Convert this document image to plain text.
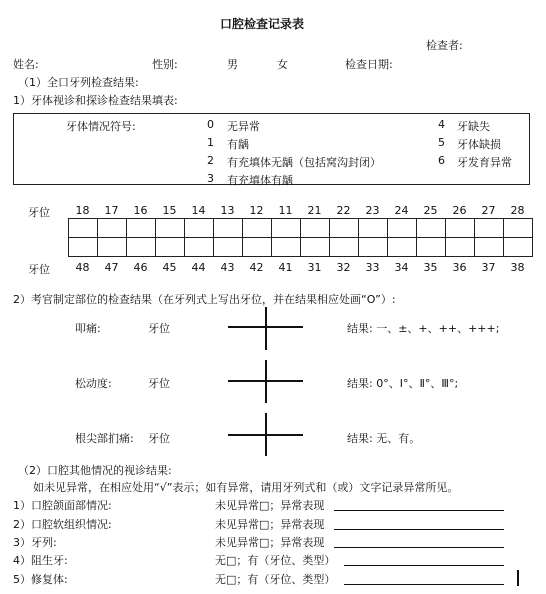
口腔检查记录表
检查者:
姓名:	性别:	男	女	检查日期:
（1）全口牙列检查结果:
1）牙体视诊和探诊检查结果填表:
牙体情况符号:	0 无异常
1 有龋
2 有充填体无龋（包括窝沟封闭）
3 有充填体有龋
4 牙缺失
5 牙体缺损
6 牙发育异常
牙位	18	17	16	15	14	13	12	11	21	22	23	24	25	26	27	28

牙位	48	47	46	45	44	43	42	41	31	32	33	34	35	36	37	38
2）考官制定部位的检查结果（在牙列式上写出牙位，并在结果相应处画“O”）:
叩痛:	牙位	结果: 一、±、+、++、+++;
松动度:	牙位	结果: 0°、Ⅰ°、Ⅱ°、Ⅲ°;
根尖部扪痛: 牙位	结果: 无、有。
（2）口腔其他情况的视诊结果:
如未见异常，在相应处用“√”表示；如有异常，请用牙列式和（或）文字记录异常所见。
1）口腔颌面部情况:	未见异常□；异常表现
2）口腔软组织情况:	未见异常□；异常表现
3）牙列:	未见异常□；异常表现
4）阻生牙:	无□；有（牙位、类型）
5）修复体:	无□；有（牙位、类型）
